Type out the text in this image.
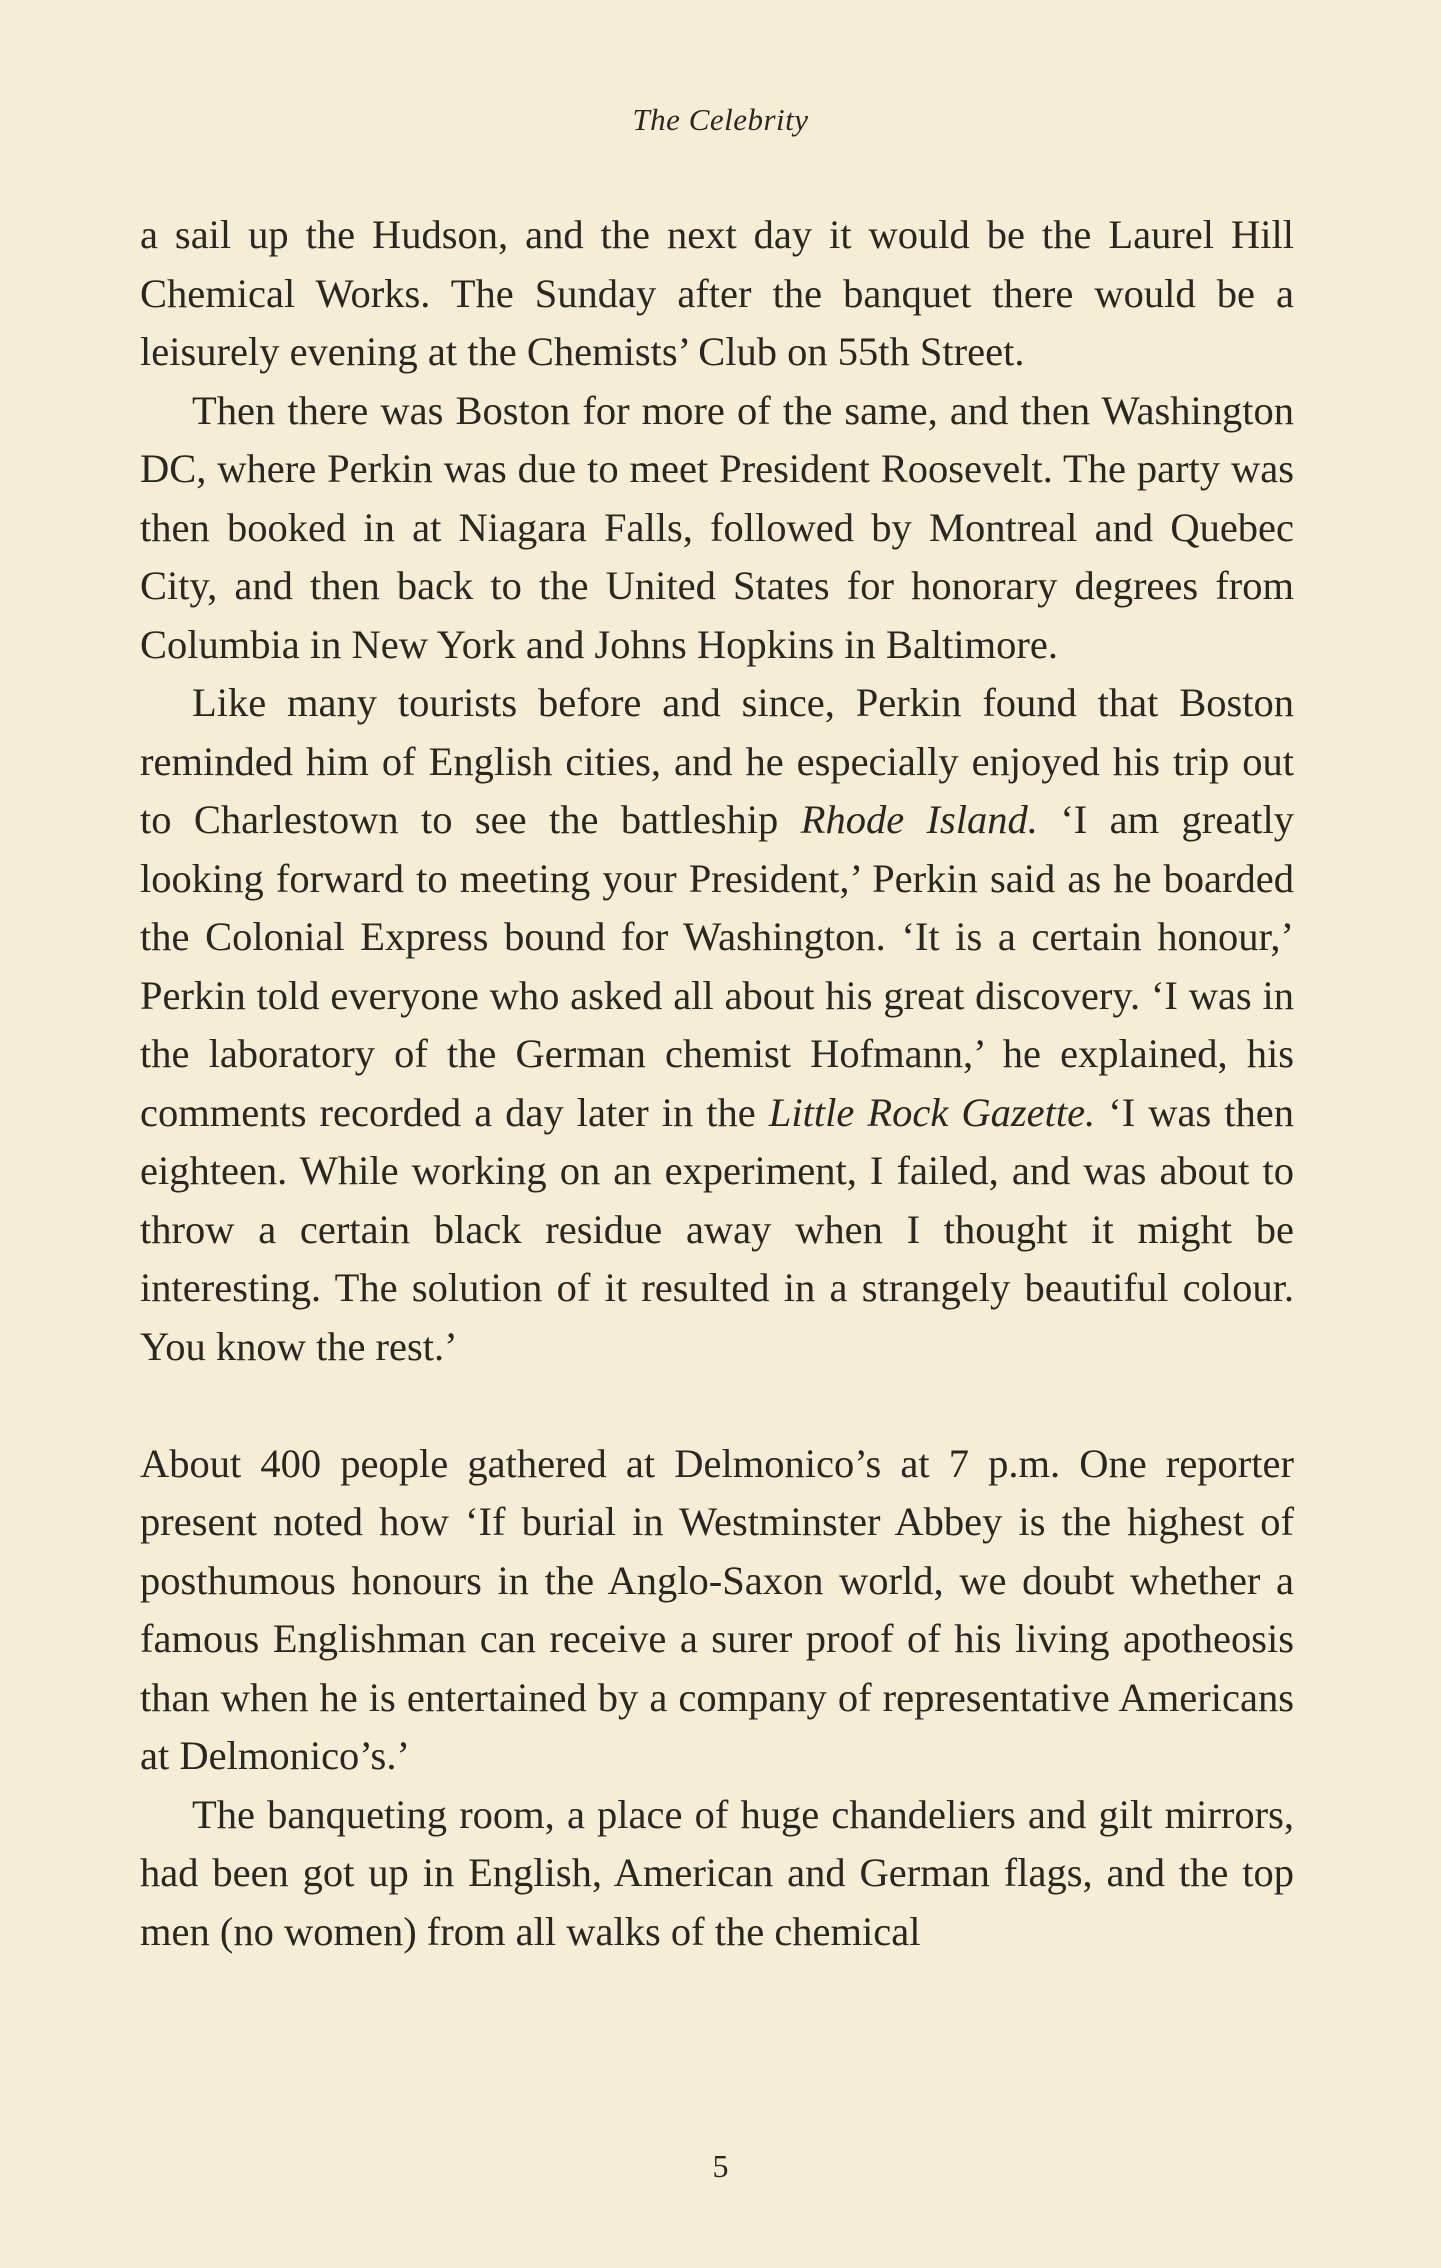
The Celebrity

a sail up the Hudson, and the next day it would be the Laurel Hill Chemical Works. The Sunday after the banquet there would be a leisurely evening at the Chemists’ Club on 55th Street.

Then there was Boston for more of the same, and then Washington DC, where Perkin was due to meet President Roosevelt. The party was then booked in at Niagara Falls, followed by Montreal and Quebec City, and then back to the United States for honorary degrees from Columbia in New York and Johns Hopkins in Baltimore.

Like many tourists before and since, Perkin found that Boston reminded him of English cities, and he especially enjoyed his trip out to Charlestown to see the battleship Rhode Island. ‘I am greatly looking forward to meeting your President,’ Perkin said as he boarded the Colonial Express bound for Washington. ‘It is a certain honour,’ Perkin told everyone who asked all about his great discovery. ‘I was in the laboratory of the German chemist Hofmann,’ he explained, his comments recorded a day later in the Little Rock Gazette. ‘I was then eighteen. While working on an experiment, I failed, and was about to throw a certain black residue away when I thought it might be interesting. The solution of it resulted in a strangely beautiful colour. You know the rest.’

About 400 people gathered at Delmonico’s at 7 p.m. One reporter present noted how ‘If burial in Westminster Abbey is the highest of posthumous honours in the Anglo-Saxon world, we doubt whether a famous Englishman can receive a surer proof of his living apotheosis than when he is entertained by a company of representative Americans at Delmonico’s.’

The banqueting room, a place of huge chandeliers and gilt mirrors, had been got up in English, American and German flags, and the top men (no women) from all walks of the chemical

5
